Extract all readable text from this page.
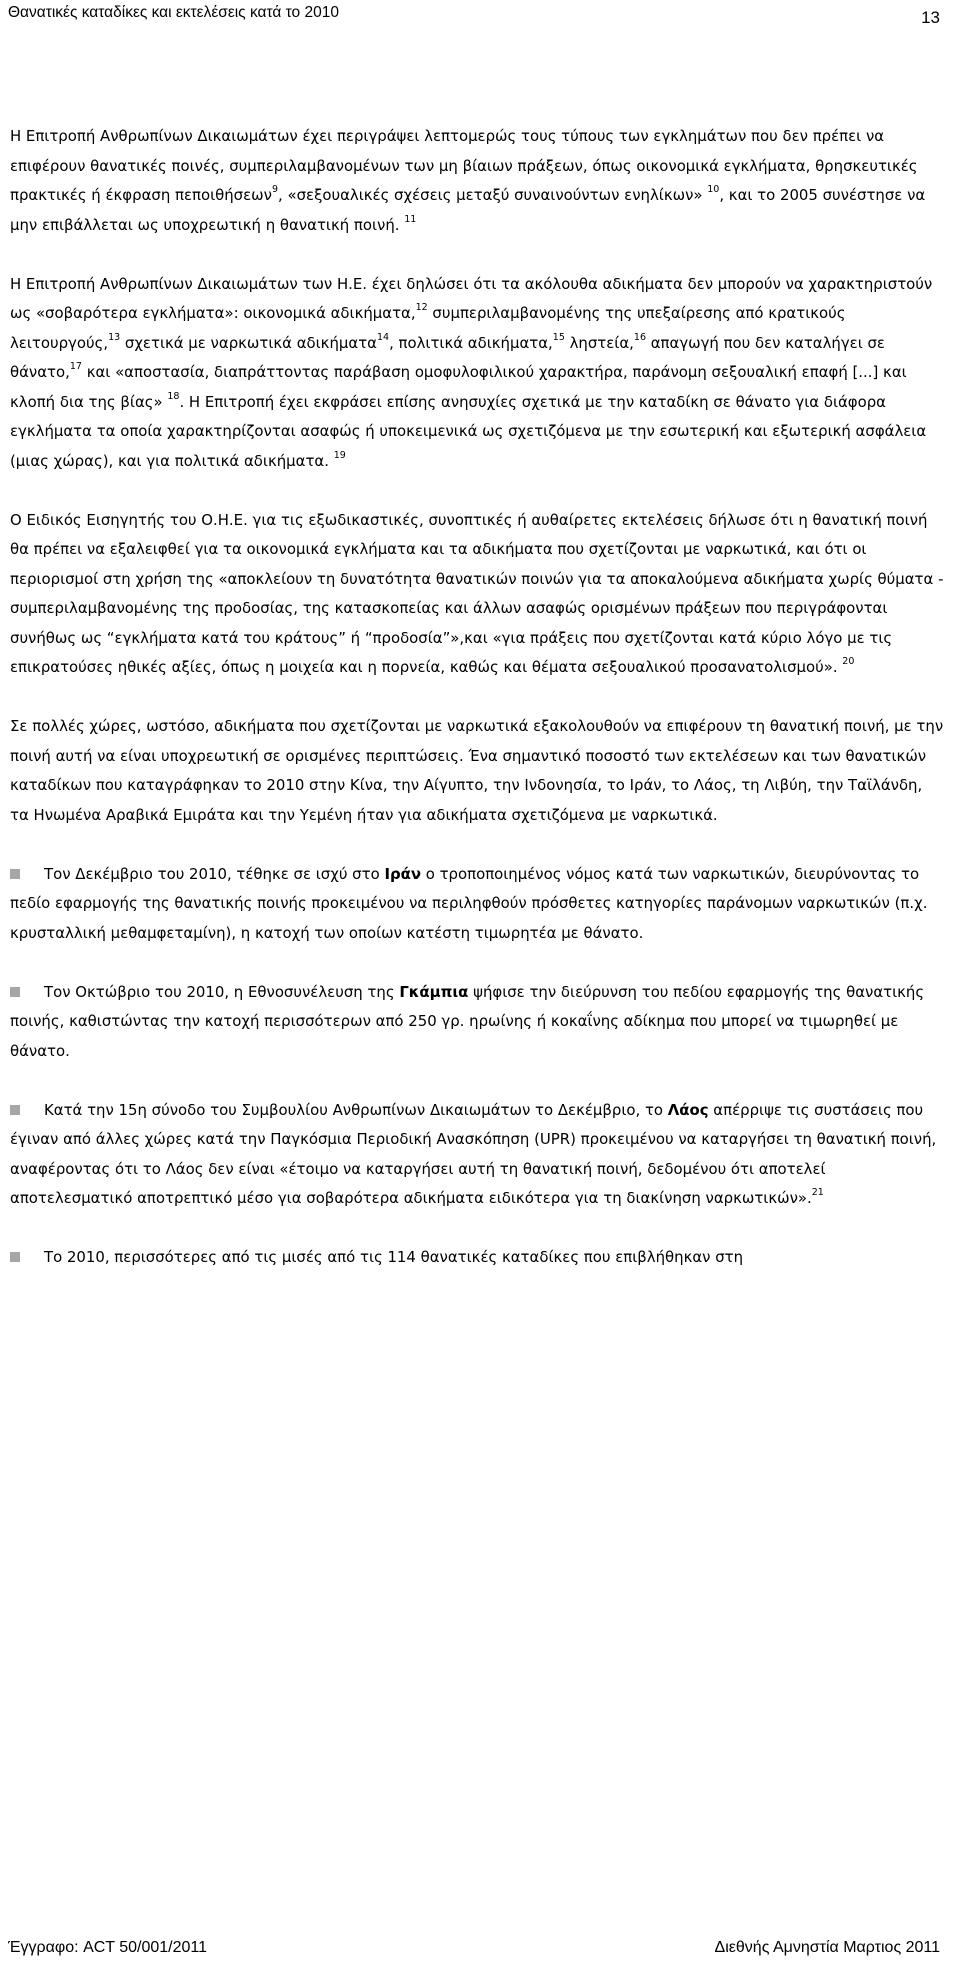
Θανατικές καταδίκες και εκτελέσεις κατά το 2010	13

Η Επιτροπή Ανθρωπίνων Δικαιωμάτων έχει περιγράψει λεπτομερώς τους τύπους των εγκλημάτων που δεν πρέπει να επιφέρουν θανατικές ποινές, συμπεριλαμβανομένων των μη βίαιων πράξεων, όπως οικονομικά εγκλήματα, θρησκευτικές πρακτικές ή έκφραση πεποιθήσεων$^9$, «σεξουαλικές σχέσεις μεταξύ συναινούντων ενηλίκων» $^{10}$, και το 2005 συνέστησε να μην επιβάλλεται ως υποχρεωτική η θανατική ποινή. $^{11}$

Η Επιτροπή Ανθρωπίνων Δικαιωμάτων των Η.Ε. έχει δηλώσει ότι τα ακόλουθα αδικήματα δεν μπορούν να χαρακτηριστούν ως «σοβαρότερα εγκλήματα»: οικονομικά αδικήματα,$^{12}$ συμπεριλαμβανομένης της υπεξαίρεσης από κρατικούς λειτουργούς,$^{13}$ σχετικά με ναρκωτικά αδικήματα$^{14}$, πολιτικά αδικήματα,$^{15}$ ληστεία,$^{16}$ απαγωγή που δεν καταλήγει σε θάνατο,$^{17}$ και «αποστασία, διαπράττοντας παράβαση ομοφυλοφιλικού χαρακτήρα, παράνομη σεξουαλική επαφή [...] και κλοπή δια της βίας» $^{18}$. Η Επιτροπή έχει εκφράσει επίσης ανησυχίες σχετικά με την καταδίκη σε θάνατο για διάφορα εγκλήματα τα οποία χαρακτηρίζονται ασαφώς ή υποκειμενικά ως σχετιζόμενα με την εσωτερική και εξωτερική ασφάλεια (μιας χώρας), και για πολιτικά αδικήματα. $^{19}$

Ο Ειδικός Εισηγητής του Ο.Η.Ε. για τις εξωδικαστικές, συνοπτικές ή αυθαίρετες εκτελέσεις δήλωσε ότι η θανατική ποινή θα πρέπει να εξαλειφθεί για τα οικονομικά εγκλήματα και τα αδικήματα που σχετίζονται με ναρκωτικά, και ότι οι περιορισμοί στη χρήση της «αποκλείουν τη δυνατότητα θανατικών ποινών για τα αποκαλούμενα αδικήματα χωρίς θύματα - συμπεριλαμβανομένης της προδοσίας, της κατασκοπείας και άλλων ασαφώς ορισμένων πράξεων που περιγράφονται συνήθως ως “εγκλήματα κατά του κράτους” ή “προδοσία”»,και «για πράξεις που σχετίζονται κατά κύριο λόγο με τις επικρατούσες ηθικές αξίες, όπως η μοιχεία και η πορνεία, καθώς και θέματα σεξουαλικού προσανατολισμού». $^{20}$

Σε πολλές χώρες, ωστόσο, αδικήματα που σχετίζονται με ναρκωτικά εξακολουθούν να επιφέρουν τη θανατική ποινή, με την ποινή αυτή να είναι υποχρεωτική σε ορισμένες περιπτώσεις. Ένα σημαντικό ποσοστό των εκτελέσεων και των θανατικών καταδίκων που καταγράφηκαν το 2010 στην Κίνα, την Αίγυπτο, την Ινδονησία, το Ιράν, το Λάος, τη Λιβύη, την Ταϊλάνδη, τα Ηνωμένα Αραβικά Εμιράτα και την Υεμένη ήταν για αδικήματα σχετιζόμενα με ναρκωτικά.

Τον Δεκέμβριο του 2010, τέθηκε σε ισχύ στο Ιράν ο τροποποιημένος νόμος κατά των ναρκωτικών, διευρύνοντας το πεδίο εφαρμογής της θανατικής ποινής προκειμένου να περιληφθούν πρόσθετες κατηγορίες παράνομων ναρκωτικών (π.χ. κρυσταλλική μεθαμφεταμίνη), η κατοχή των οποίων κατέστη τιμωρητέα με θάνατο.

Τον Οκτώβριο του 2010, η Εθνοσυνέλευση της Γκάμπια ψήφισε την διεύρυνση του πεδίου εφαρμογής της θανατικής ποινής, καθιστώντας την κατοχή περισσότερων από 250 γρ. ηρωίνης ή κοκαΐνης αδίκημα που μπορεί να τιμωρηθεί με θάνατο.

Κατά την 15η σύνοδο του Συμβουλίου Ανθρωπίνων Δικαιωμάτων το Δεκέμβριο, το Λάος απέρριψε τις συστάσεις που έγιναν από άλλες χώρες κατά την Παγκόσμια Περιοδική Ανασκόπηση (UPR) προκειμένου να καταργήσει τη θανατική ποινή, αναφέροντας ότι το Λάος δεν είναι «έτοιμο να καταργήσει αυτή τη θανατική ποινή, δεδομένου ότι αποτελεί αποτελεσματικό αποτρεπτικό μέσο για σοβαρότερα αδικήματα ειδικότερα για τη διακίνηση ναρκωτικών».$^{21}$

Το 2010, περισσότερες από τις μισές από τις 114 θανατικές καταδίκες που επιβλήθηκαν στη

Έγγραφο: ACT 50/001/2011	Διεθνής Αμνηστία Μαρτιος 2011
